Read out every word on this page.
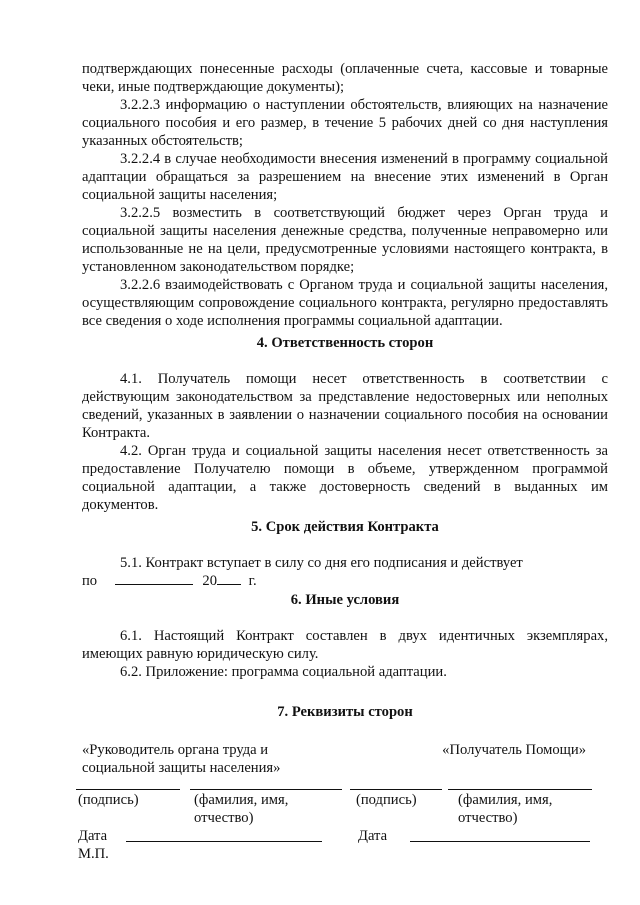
подтверждающих понесенные расходы (оплаченные счета, кассовые и товарные чеки, иные подтверждающие документы);

3.2.2.3 информацию о наступлении обстоятельств, влияющих на назначение социального пособия и его размер, в течение 5 рабочих дней со дня наступления указанных обстоятельств;

3.2.2.4 в случае необходимости внесения изменений в программу социальной адаптации обращаться за разрешением на внесение этих изменений в Орган социальной защиты населения;

3.2.2.5 возместить в соответствующий бюджет через Орган труда и социальной защиты населения денежные средства, полученные неправомерно или использованные не на цели, предусмотренные условиями настоящего контракта, в установленном законодательством порядке;

3.2.2.6 взаимодействовать с Органом труда и социальной защиты населения, осуществляющим сопровождение социального контракта, регулярно предоставлять все сведения о ходе исполнения программы социальной адаптации.

4. Ответственность сторон

4.1. Получатель помощи несет ответственность в соответствии с действующим законодательством за представление недостоверных или неполных сведений, указанных в заявлении о назначении социального пособия на основании Контракта.

4.2. Орган труда и социальной защиты населения несет ответственность за предоставление Получателю помощи в объеме, утвержденном программой социальной адаптации, а также достоверность сведений в выданных им документов.

5. Срок действия Контракта

5.1. Контракт вступает в силу со дня его подписания и действует

по	20 г.
6. Иные условия

6.1. Настоящий Контракт составлен в двух идентичных экземплярах, имеющих равную юридическую силу.

6.2. Приложение: программа социальной адаптации.

7. Реквизиты сторон
«Руководитель органа труда и социальной защиты населения»
«Получатель Помощи»
(подпись)	(фамилия, имя,
отчество)
(подпись)	(фамилия, имя,
отчество)
Дата	Дата
М.П.
